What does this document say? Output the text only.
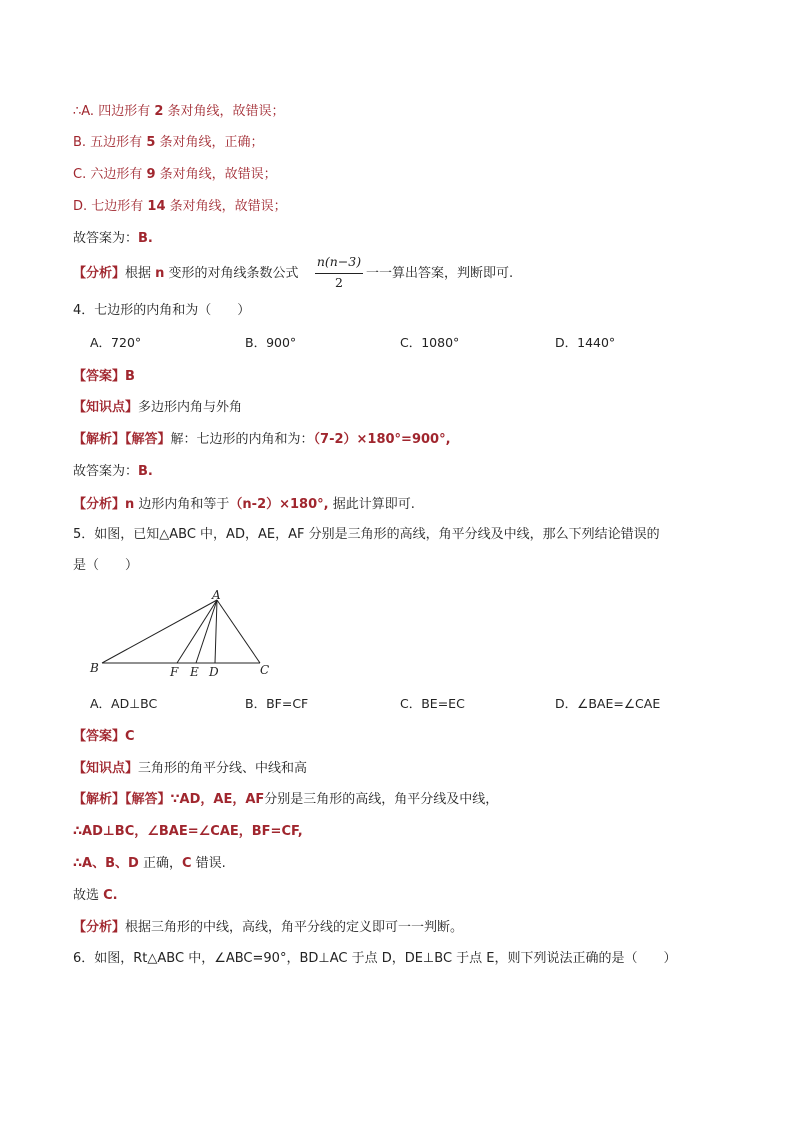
∴A. 四边形有 2 条对角线，故错误；
B. 五边形有 5 条对角线，正确；
C. 六边形有 9 条对角线，故错误；
D. 七边形有 14 条对角线，故错误；
故答案为：B.
【分析】根据 n 变形的对角线条数公式
n(n−3)
2
一一算出答案，判断即可.
4．七边形的内角和为（　　）
A．720°	B．900°	C．1080°	D．1440°
【答案】B
【知识点】多边形内角与外角
【解析】【解答】解：七边形的内角和为：（7-2）×180°=900°,
故答案为：B.
【分析】n 边形内角和等于（n-2）×180°, 据此计算即可.
5．如图，已知△ABC 中，AD，AE，AF 分别是三角形的高线，角平分线及中线，那么下列结论错误的
是（　　）
A
B	C
F E D
A．AD⊥BC	B．BF=CF	C．BE=EC	D．∠BAE=∠CAE
【答案】C
【知识点】三角形的角平分线、中线和高
【解析】【解答】∵AD，AE，AF分别是三角形的高线，角平分线及中线，
∴AD⊥BC，∠BAE=∠CAE，BF=CF,
∴A、B、D 正确，C 错误.
故选 C.
【分析】根据三角形的中线，高线，角平分线的定义即可一一判断。
6．如图，Rt△ABC 中，∠ABC=90°，BD⊥AC 于点 D，DE⊥BC 于点 E，则下列说法正确的是（　　）
